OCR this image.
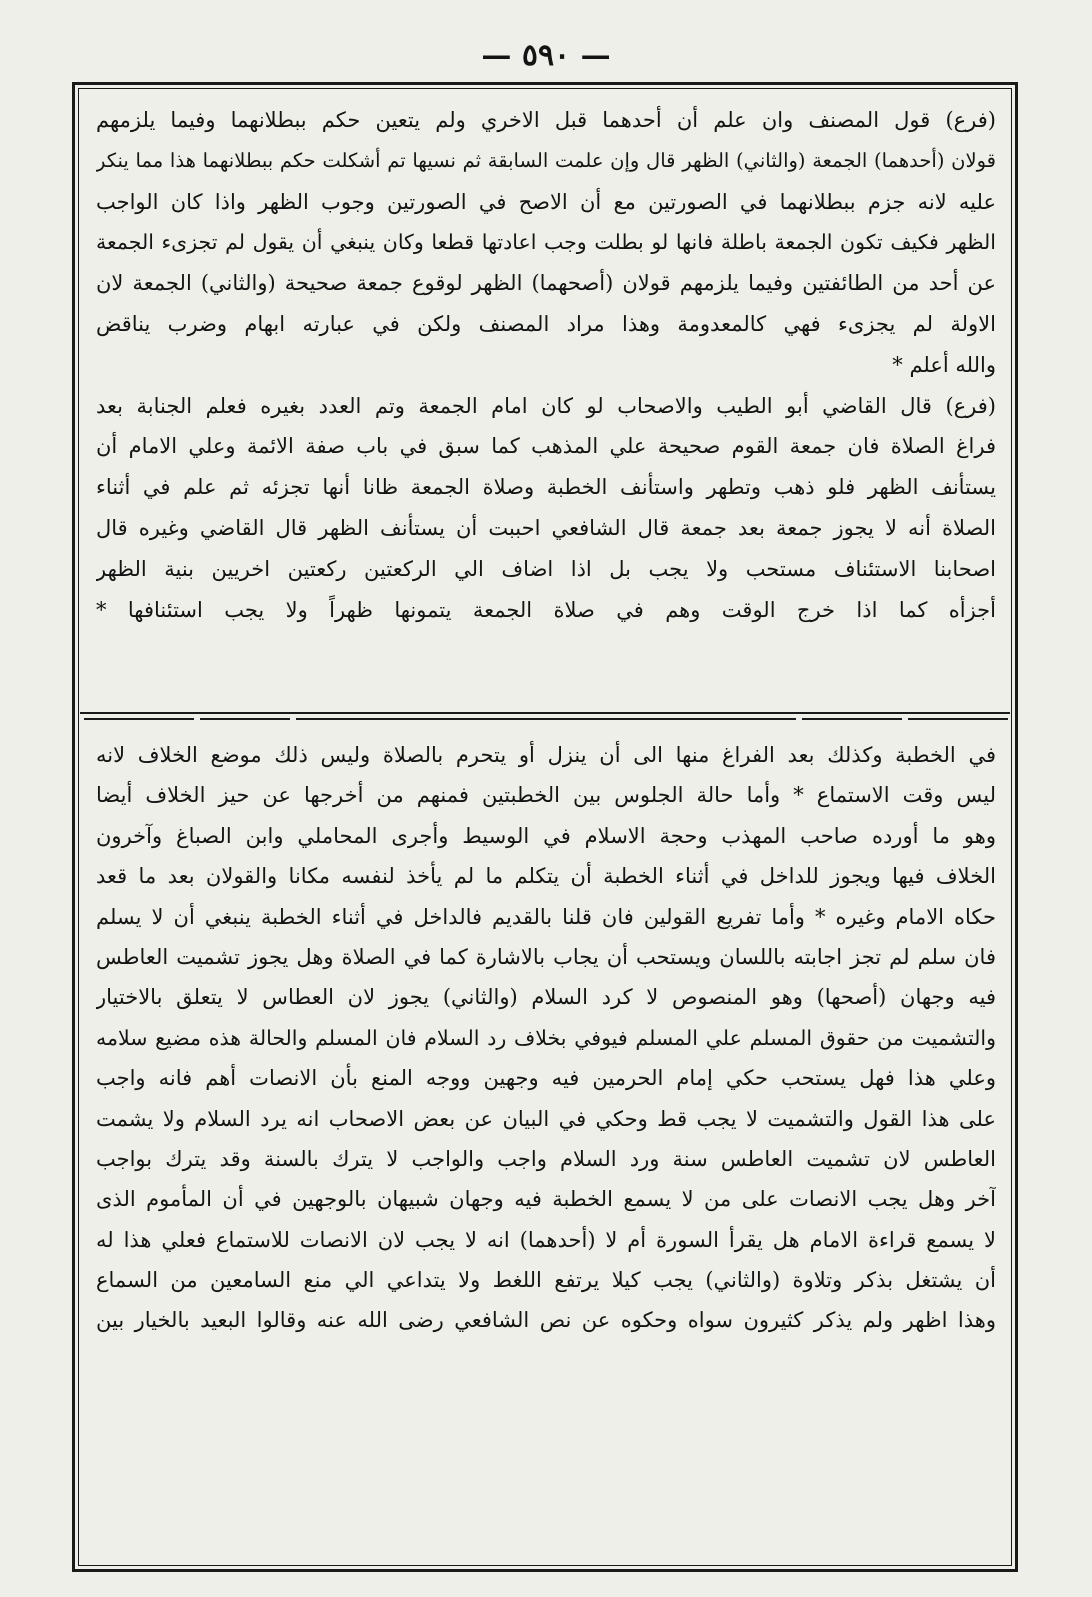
— ٥٩٠ —
(فرع) قول المصنف وان علم أن أحدهما قبل الاخري ولم يتعين حكم ببطلانهما وفيما يلزمهم
قولان (أحدهما) الجمعة (والثاني) الظهر قال وإن علمت السابقة ثم نسيها تم أشكلت حكم ببطلانهما هذا مما ينكر
عليه لانه جزم ببطلانهما في الصورتين مع أن الاصح في الصورتين وجوب الظهر واذا كان الواجب
الظهر فكيف تكون الجمعة باطلة فانها لو بطلت وجب اعادتها قطعا وكان ينبغي أن يقول لم تجزىء الجمعة
عن أحد من الطائفتين وفيما يلزمهم قولان (أصحهما) الظهر لوقوع جمعة صحيحة (والثاني) الجمعة لان
الاولة لم يجزىء فهي كالمعدومة وهذا مراد المصنف ولكن في عبارته ابهام وضرب يناقض
والله أعلم *
(فرع) قال القاضي أبو الطيب والاصحاب لو كان امام الجمعة وتم العدد بغيره فعلم الجنابة بعد
فراغ الصلاة فان جمعة القوم صحيحة علي المذهب كما سبق في باب صفة الائمة وعلي الامام أن
يستأنف الظهر فلو ذهب وتطهر واستأنف الخطبة وصلاة الجمعة ظانا أنها تجزئه ثم علم في أثناء
الصلاة أنه لا يجوز جمعة بعد جمعة قال الشافعي احببت أن يستأنف الظهر قال القاضي وغيره قال
اصحابنا الاستئناف مستحب ولا يجب بل اذا اضاف الي الركعتين ركعتين اخريين بنية الظهر
أجزأه كما اذا خرج الوقت وهم في صلاة الجمعة يتمونها ظهراً ولا يجب استئنافها *
في الخطبة وكذلك بعد الفراغ منها الى أن ينزل أو يتحرم بالصلاة وليس ذلك موضع الخلاف لانه
ليس وقت الاستماع * وأما حالة الجلوس بين الخطبتين فمنهم من أخرجها عن حيز الخلاف أيضا
وهو ما أورده صاحب المهذب وحجة الاسلام في الوسيط وأجرى المحاملي وابن الصباغ وآخرون
الخلاف فيها ويجوز للداخل في أثناء الخطبة أن يتكلم ما لم يأخذ لنفسه مكانا والقولان بعد ما قعد
حكاه الامام وغيره * وأما تفريع القولين فان قلنا بالقديم فالداخل في أثناء الخطبة ينبغي أن لا يسلم
فان سلم لم تجز اجابته باللسان ويستحب أن يجاب بالاشارة كما في الصلاة وهل يجوز تشميت العاطس
فيه وجهان (أصحها) وهو المنصوص لا كرد السلام (والثاني) يجوز لان العطاس لا يتعلق بالاختيار
والتشميت من حقوق المسلم علي المسلم فيوفي بخلاف رد السلام فان المسلم والحالة هذه مضيع سلامه
وعلي هذا فهل يستحب حكي إمام الحرمين فيه وجهين ووجه المنع بأن الانصات أهم فانه واجب
على هذا القول والتشميت لا يجب قط وحكي في البيان عن بعض الاصحاب انه يرد السلام ولا يشمت
العاطس لان تشميت العاطس سنة ورد السلام واجب والواجب لا يترك بالسنة وقد يترك بواجب
آخر وهل يجب الانصات على من لا يسمع الخطبة فيه وجهان شبيهان بالوجهين في أن المأموم الذى
لا يسمع قراءة الامام هل يقرأ السورة أم لا (أحدهما) انه لا يجب لان الانصات للاستماع فعلي هذا له
أن يشتغل بذكر وتلاوة (والثاني) يجب كيلا يرتفع اللغط ولا يتداعي الي منع السامعين من السماع
وهذا اظهر ولم يذكر كثيرون سواه وحكوه عن نص الشافعي رضى الله عنه وقالوا البعيد بالخيار بين
